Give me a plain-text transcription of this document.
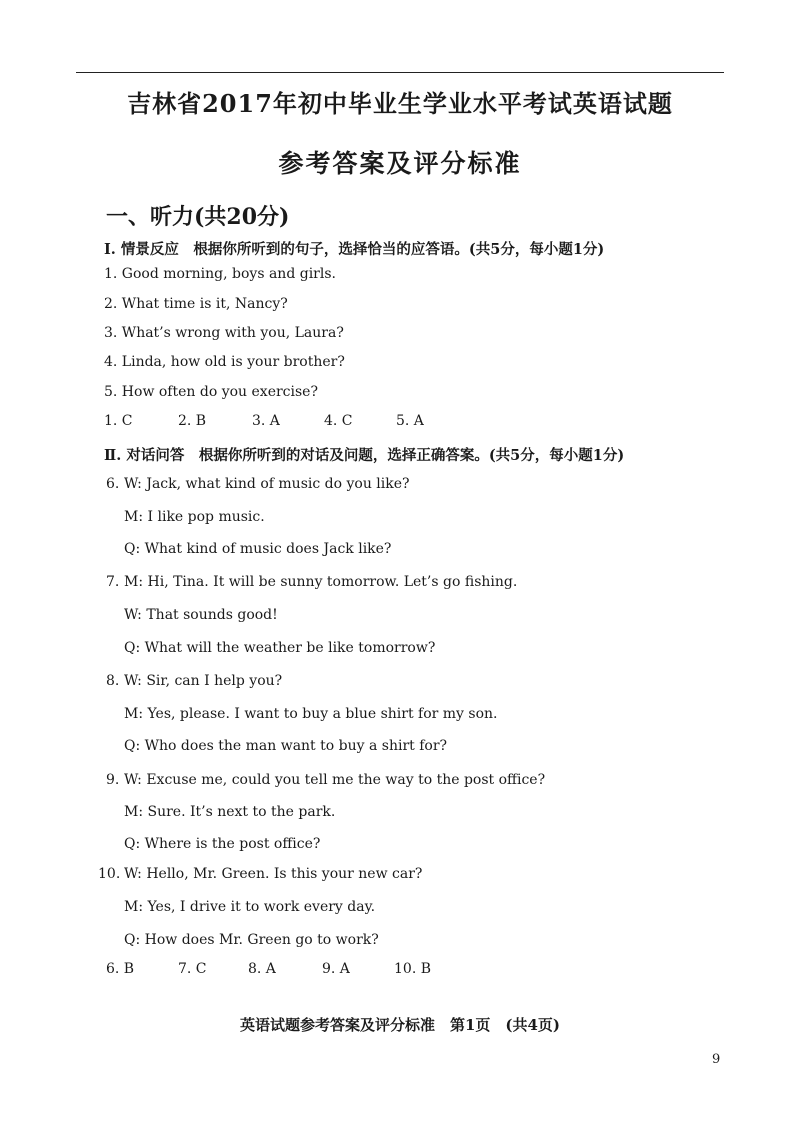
吉林省2017年初中毕业生学业水平考试英语试题
参考答案及评分标准
一、听力(共20分)
Ⅰ. 情景反应　根据你所听到的句子，选择恰当的应答语。(共5分，每小题1分)
1. Good morning, boys and girls.
2. What time is it, Nancy?
3. What’s wrong with you, Laura?
4. Linda, how old is your brother?
5. How often do you exercise?
1. C	2. B	3. A	4. C	5. A
Ⅱ. 对话问答　根据你所听到的对话及问题，选择正确答案。(共5分，每小题1分)
6. W: Jack, what kind of music do you like?
M: I like pop music.
Q: What kind of music does Jack like?
7. M: Hi, Tina. It will be sunny tomorrow. Let’s go fishing.
W: That sounds good!
Q: What will the weather be like tomorrow?
8. W: Sir, can I help you?
M: Yes, please. I want to buy a blue shirt for my son.
Q: Who does the man want to buy a shirt for?
9. W: Excuse me, could you tell me the way to the post office?
M: Sure. It’s next to the park.
Q: Where is the post office?
10. W: Hello, Mr. Green. Is this your new car?
M: Yes, I drive it to work every day.
Q: How does Mr. Green go to work?
6. B	7. C	8. A	9. A	10. B
英语试题参考答案及评分标准　第1页　(共4页)
9
